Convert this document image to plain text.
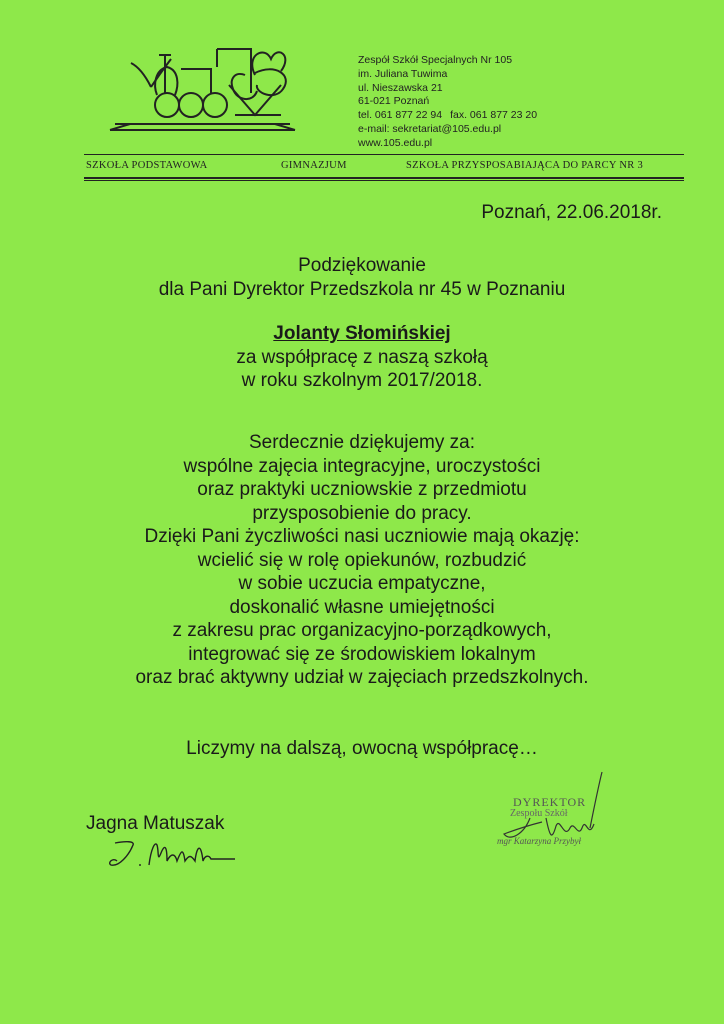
Zespół Szkół Specjalnych Nr 105
im. Juliana Tuwima
ul. Nieszawska 21
61-021 Poznań
tel. 061 877 22 94 fax. 061 877 23 20
e-mail: sekretariat@105.edu.pl
www.105.edu.pl
SZKOŁA PODSTAWOWA	GIMNAZJUM	SZKOŁA PRZYSPOSABIAJĄCA DO PARCY NR 3
Poznań, 22.06.2018r.
Podziękowanie
dla Pani Dyrektor Przedszkola nr 45 w Poznaniu
Jolanty Słomińskiej
za współpracę z naszą szkołą
w roku szkolnym 2017/2018.
Serdecznie dziękujemy za:
wspólne zajęcia integracyjne, uroczystości
oraz praktyki uczniowskie z przedmiotu
przysposobienie do pracy.
Dzięki Pani życzliwości nasi uczniowie mają okazję:
wcielić się w rolę opiekunów, rozbudzić
w sobie uczucia empatyczne,
doskonalić własne umiejętności
z zakresu prac organizacyjno-porządkowych,
integrować się ze środowiskiem lokalnym
oraz brać aktywny udział w zajęciach przedszkolnych.
Liczymy na dalszą, owocną współpracę…
Jagna Matuszak
DYREKTOR
Zespołu Szkół
mgr Katarzyna Przybył
